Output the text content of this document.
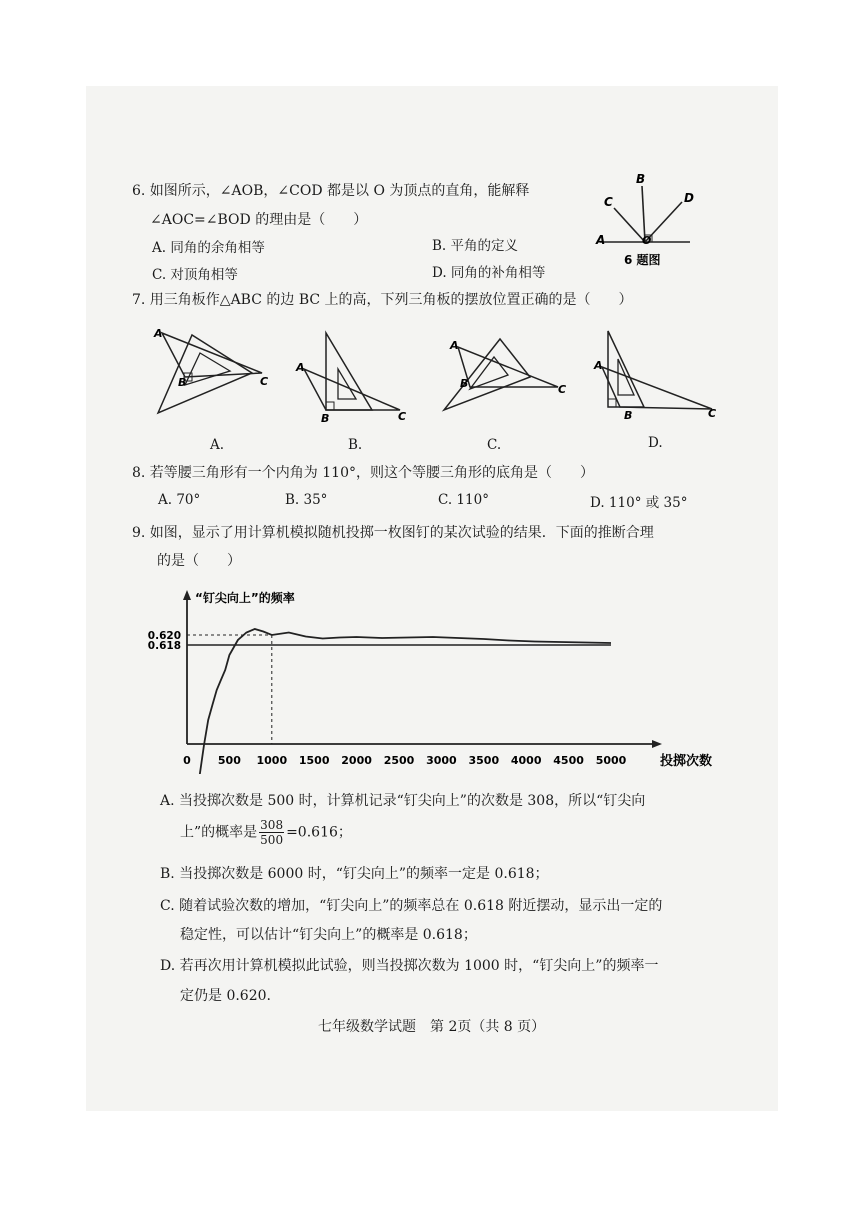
6. 如图所示，∠AOB，∠COD 都是以 O 为顶点的直角，能解释
∠AOC=∠BOD 的理由是（　　）
A. 同角的余角相等	B. 平角的定义
C. 对顶角相等	D. 同角的补角相等
B
C	D
A	O
6 题图
7. 用三角板作△ABC 的边 BC 上的高，下列三角板的摆放位置正确的是（　　）
A
B	C
A.
A
B	C
B.
A
B	C
C.
A
B	C
D.
8. 若等腰三角形有一个内角为 110°，则这个等腰三角形的底角是（　　）
A. 70°	B. 35°	C. 110°	D. 110° 或 35°
9. 如图，显示了用计算机模拟随机投掷一枚图钉的某次试验的结果．下面的推断合理
的是（　　）
“钉尖向上”的频率
投掷次数
0 500 1000 1500 2000 2500 3000 3500 4000 4500 5000
0.618
0.620
A. 当投掷次数是 500 时，计算机记录“钉尖向上”的次数是 308，所以“钉尖向
上”的概率是 $\frac{308}{500} =0.616$；
B. 当投掷次数是 6000 时，“钉尖向上”的频率一定是 0.618；
C. 随着试验次数的增加，“钉尖向上”的频率总在 0.618 附近摆动，显示出一定的
稳定性，可以估计“钉尖向上”的概率是 0.618；
D. 若再次用计算机模拟此试验，则当投掷次数为 1000 时，“钉尖向上”的频率一
定仍是 0.620.
七年级数学试题　第 2页（共 8 页）
